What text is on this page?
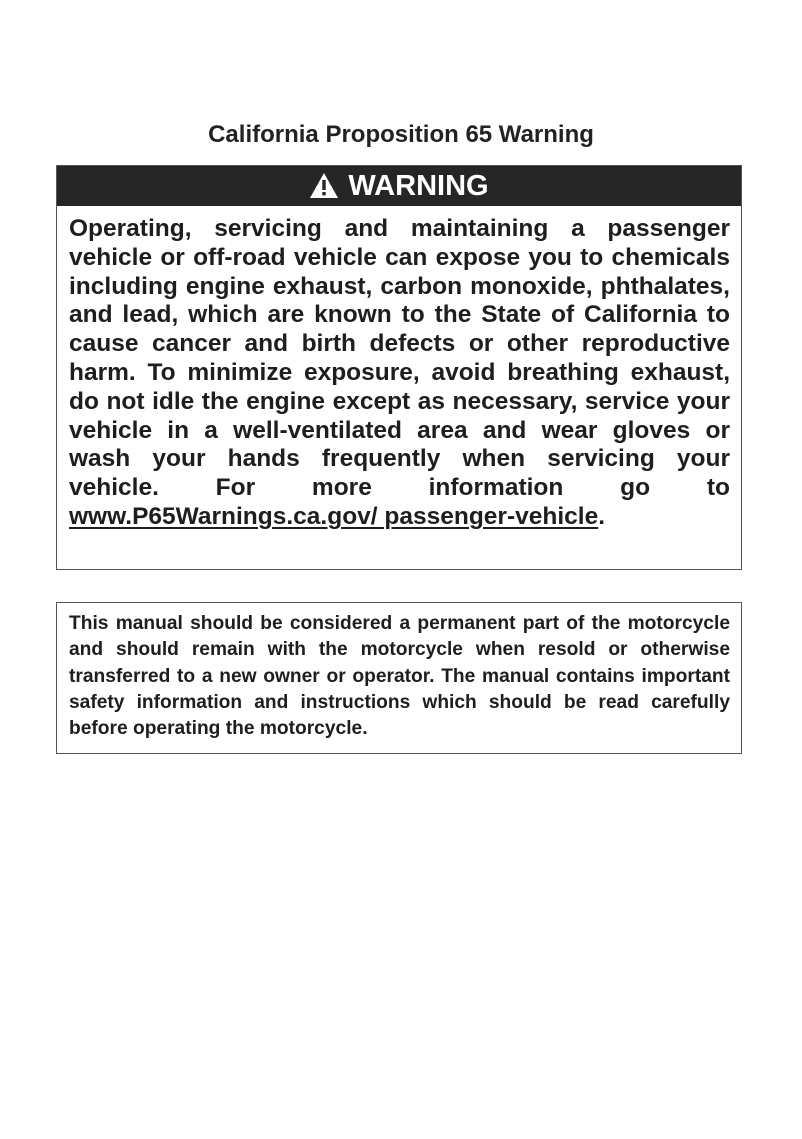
California Proposition 65 Warning
WARNING
Operating, servicing and maintaining a passenger vehicle or off-road vehicle can expose you to chemicals including engine exhaust, carbon monoxide, phthalates, and lead, which are known to the State of California to cause cancer and birth defects or other reproductive harm. To minimize exposure, avoid breathing exhaust, do not idle the engine except as necessary, service your vehicle in a well-ventilated area and wear gloves or wash your hands frequently when servicing your vehicle. For more information go to www.P65Warnings.ca.gov/ passenger-vehicle.
This manual should be considered a permanent part of the motorcycle and should remain with the motorcycle when resold or otherwise transferred to a new owner or operator. The manual contains important safety information and instructions which should be read carefully before operating the motorcycle.
